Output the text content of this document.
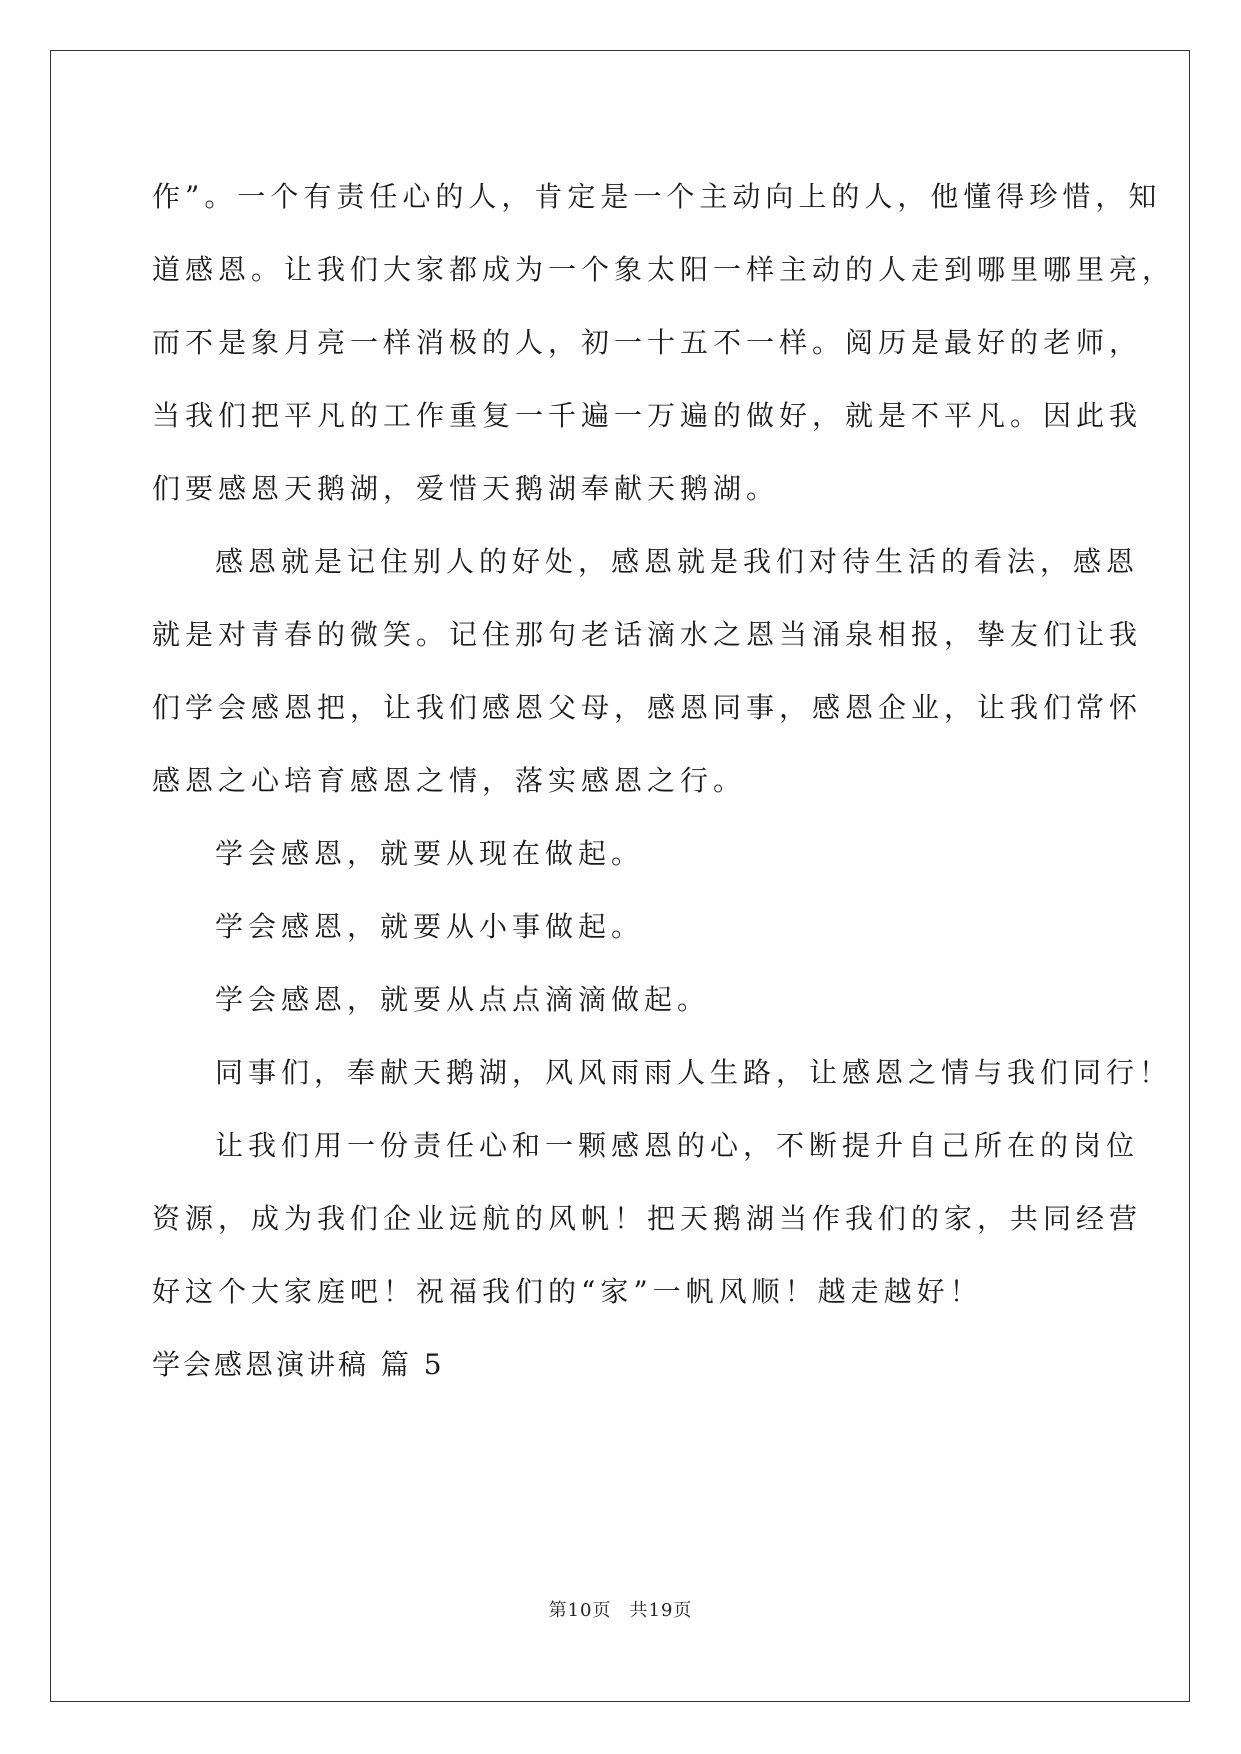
作”。一个有责任心的人，肯定是一个主动向上的人，他懂得珍惜，知
道感恩。让我们大家都成为一个象太阳一样主动的人走到哪里哪里亮，
而不是象月亮一样消极的人，初一十五不一样。阅历是最好的老师，
当我们把平凡的工作重复一千遍一万遍的做好，就是不平凡。因此我
们要感恩天鹅湖，爱惜天鹅湖奉献天鹅湖。
感恩就是记住别人的好处，感恩就是我们对待生活的看法，感恩
就是对青春的微笑。记住那句老话滴水之恩当涌泉相报，挚友们让我
们学会感恩把，让我们感恩父母，感恩同事，感恩企业，让我们常怀
感恩之心培育感恩之情，落实感恩之行。
学会感恩，就要从现在做起。
学会感恩，就要从小事做起。
学会感恩，就要从点点滴滴做起。
同事们，奉献天鹅湖，风风雨雨人生路，让感恩之情与我们同行！
让我们用一份责任心和一颗感恩的心，不断提升自己所在的岗位
资源，成为我们企业远航的风帆！把天鹅湖当作我们的家，共同经营
好这个大家庭吧！祝福我们的“家”一帆风顺！越走越好！
学会感恩演讲稿 篇 5
第10页 共19页
